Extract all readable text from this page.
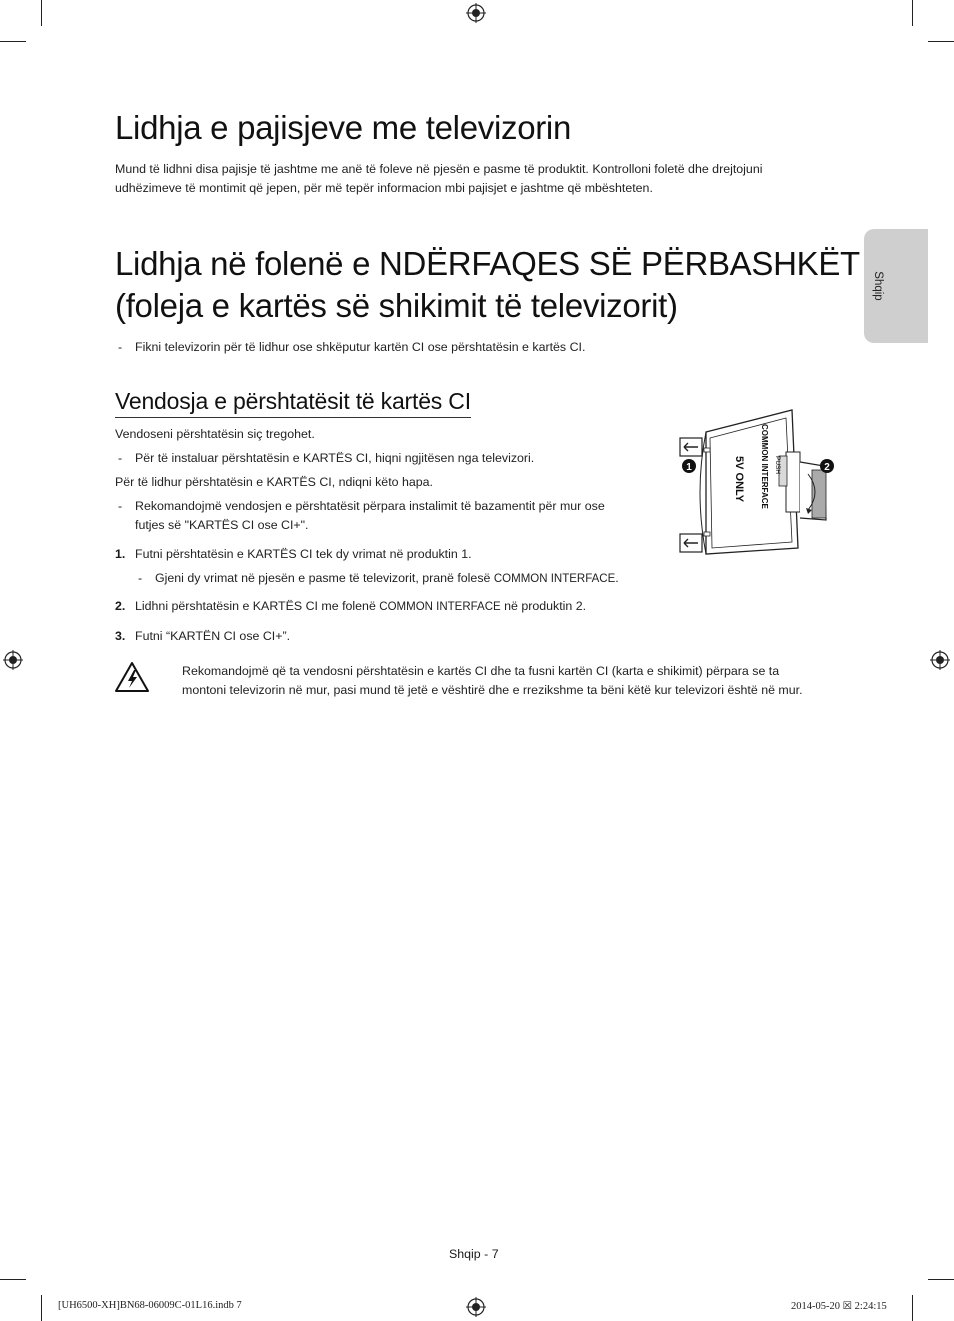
Lidhja e pajisjeve me televizorin

Mund të lidhni disa pajisje të jashtme me anë të foleve në pjesën e pasme të produktit. Kontrolloni foletë dhe drejtojuni

udhëzimeve të montimit që jepen, për më tepër informacion mbi pajisjet e jashtme që mbështeten.

Lidhja në folenë e NDËRFAQES SË PËRBASHKËT
(foleja e kartës së shikimit të televizorit)
- Fikni televizorin për të lidhur ose shkëputur kartën CI ose përshtatësin e kartës CI.

Vendosja e përshtatësit të kartës CI

Vendoseni përshtatësin siç tregohet.

- Për të instaluar përshtatësin e KARTËS CI, hiqni ngjitësen nga televizori.

Për të lidhur përshtatësin e KARTËS CI, ndiqni këto hapa.

- Rekomandojmë vendosjen e përshtatësit përpara instalimit të bazamentit për mur ose

futjes së "KARTËS CI ose CI+".

1. Futni përshtatësin e KARTËS CI tek dy vrimat në produktin 1.

- Gjeni dy vrimat në pjesën e pasme të televizorit, pranë folesë COMMON INTERFACE.

2. Lidhni përshtatësin e KARTËS CI me folenë COMMON INTERFACE në produktin 2.

3. Futni “KARTËN CI ose CI+”.

Rekomandojmë që ta vendosni përshtatësin e kartës CI dhe ta fusni kartën CI (karta e shikimit) përpara se ta

montoni televizorin në mur, pasi mund të jetë e vështirë dhe e rrezikshme ta bëni këtë kur televizori është në mur.

1	2
COMMON INTERFACE PUSH
5V ONLY
Shqip
Shqip - 7
[UH6500-XH]BN68-06009C-01L16.indb 7	2014-05-20 ☒ 2:24:15
